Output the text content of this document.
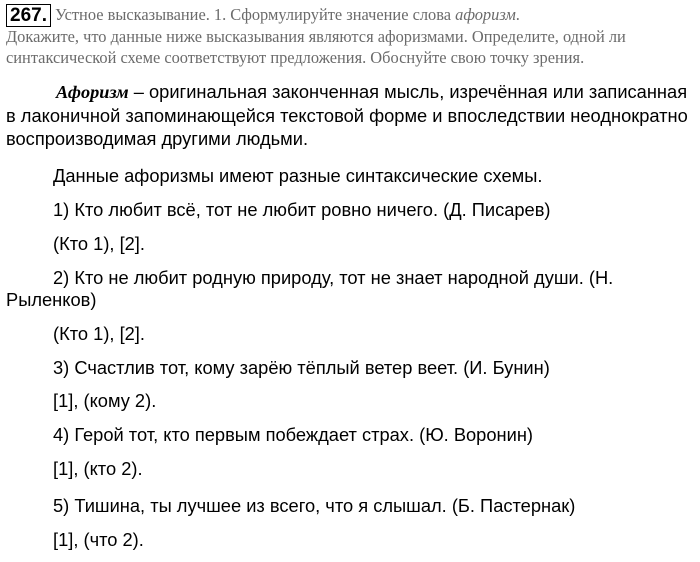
267. Устное высказывание. 1. Сформулируйте значение слова афоризм.
Докажите, что данные ниже высказывания являются афоризмами. Определите, одной ли
синтаксической схеме соответствуют предложения. Обоснуйте свою точку зрения.

Афоризм – оригинальная законченная мысль, изречённая или записанная в лаконичной запоминающейся текстовой форме и впоследствии неоднократно воспроизводимая другими людьми.

Данные афоризмы имеют разные синтаксические схемы.
1) Кто любит всё, тот не любит ровно ничего. (Д. Писарев)
(Кто 1), [2].
2) Кто не любит родную природу, тот не знает народной души. (Н. Рыленков)
(Кто 1), [2].
3) Счастлив тот, кому зарёю тёплый ветер веет. (И. Бунин)
[1], (кому 2).
4) Герой тот, кто первым побеждает страх. (Ю. Воронин)
[1], (кто 2).
5) Тишина, ты лучшее из всего, что я слышал. (Б. Пастернак)
[1], (что 2).
